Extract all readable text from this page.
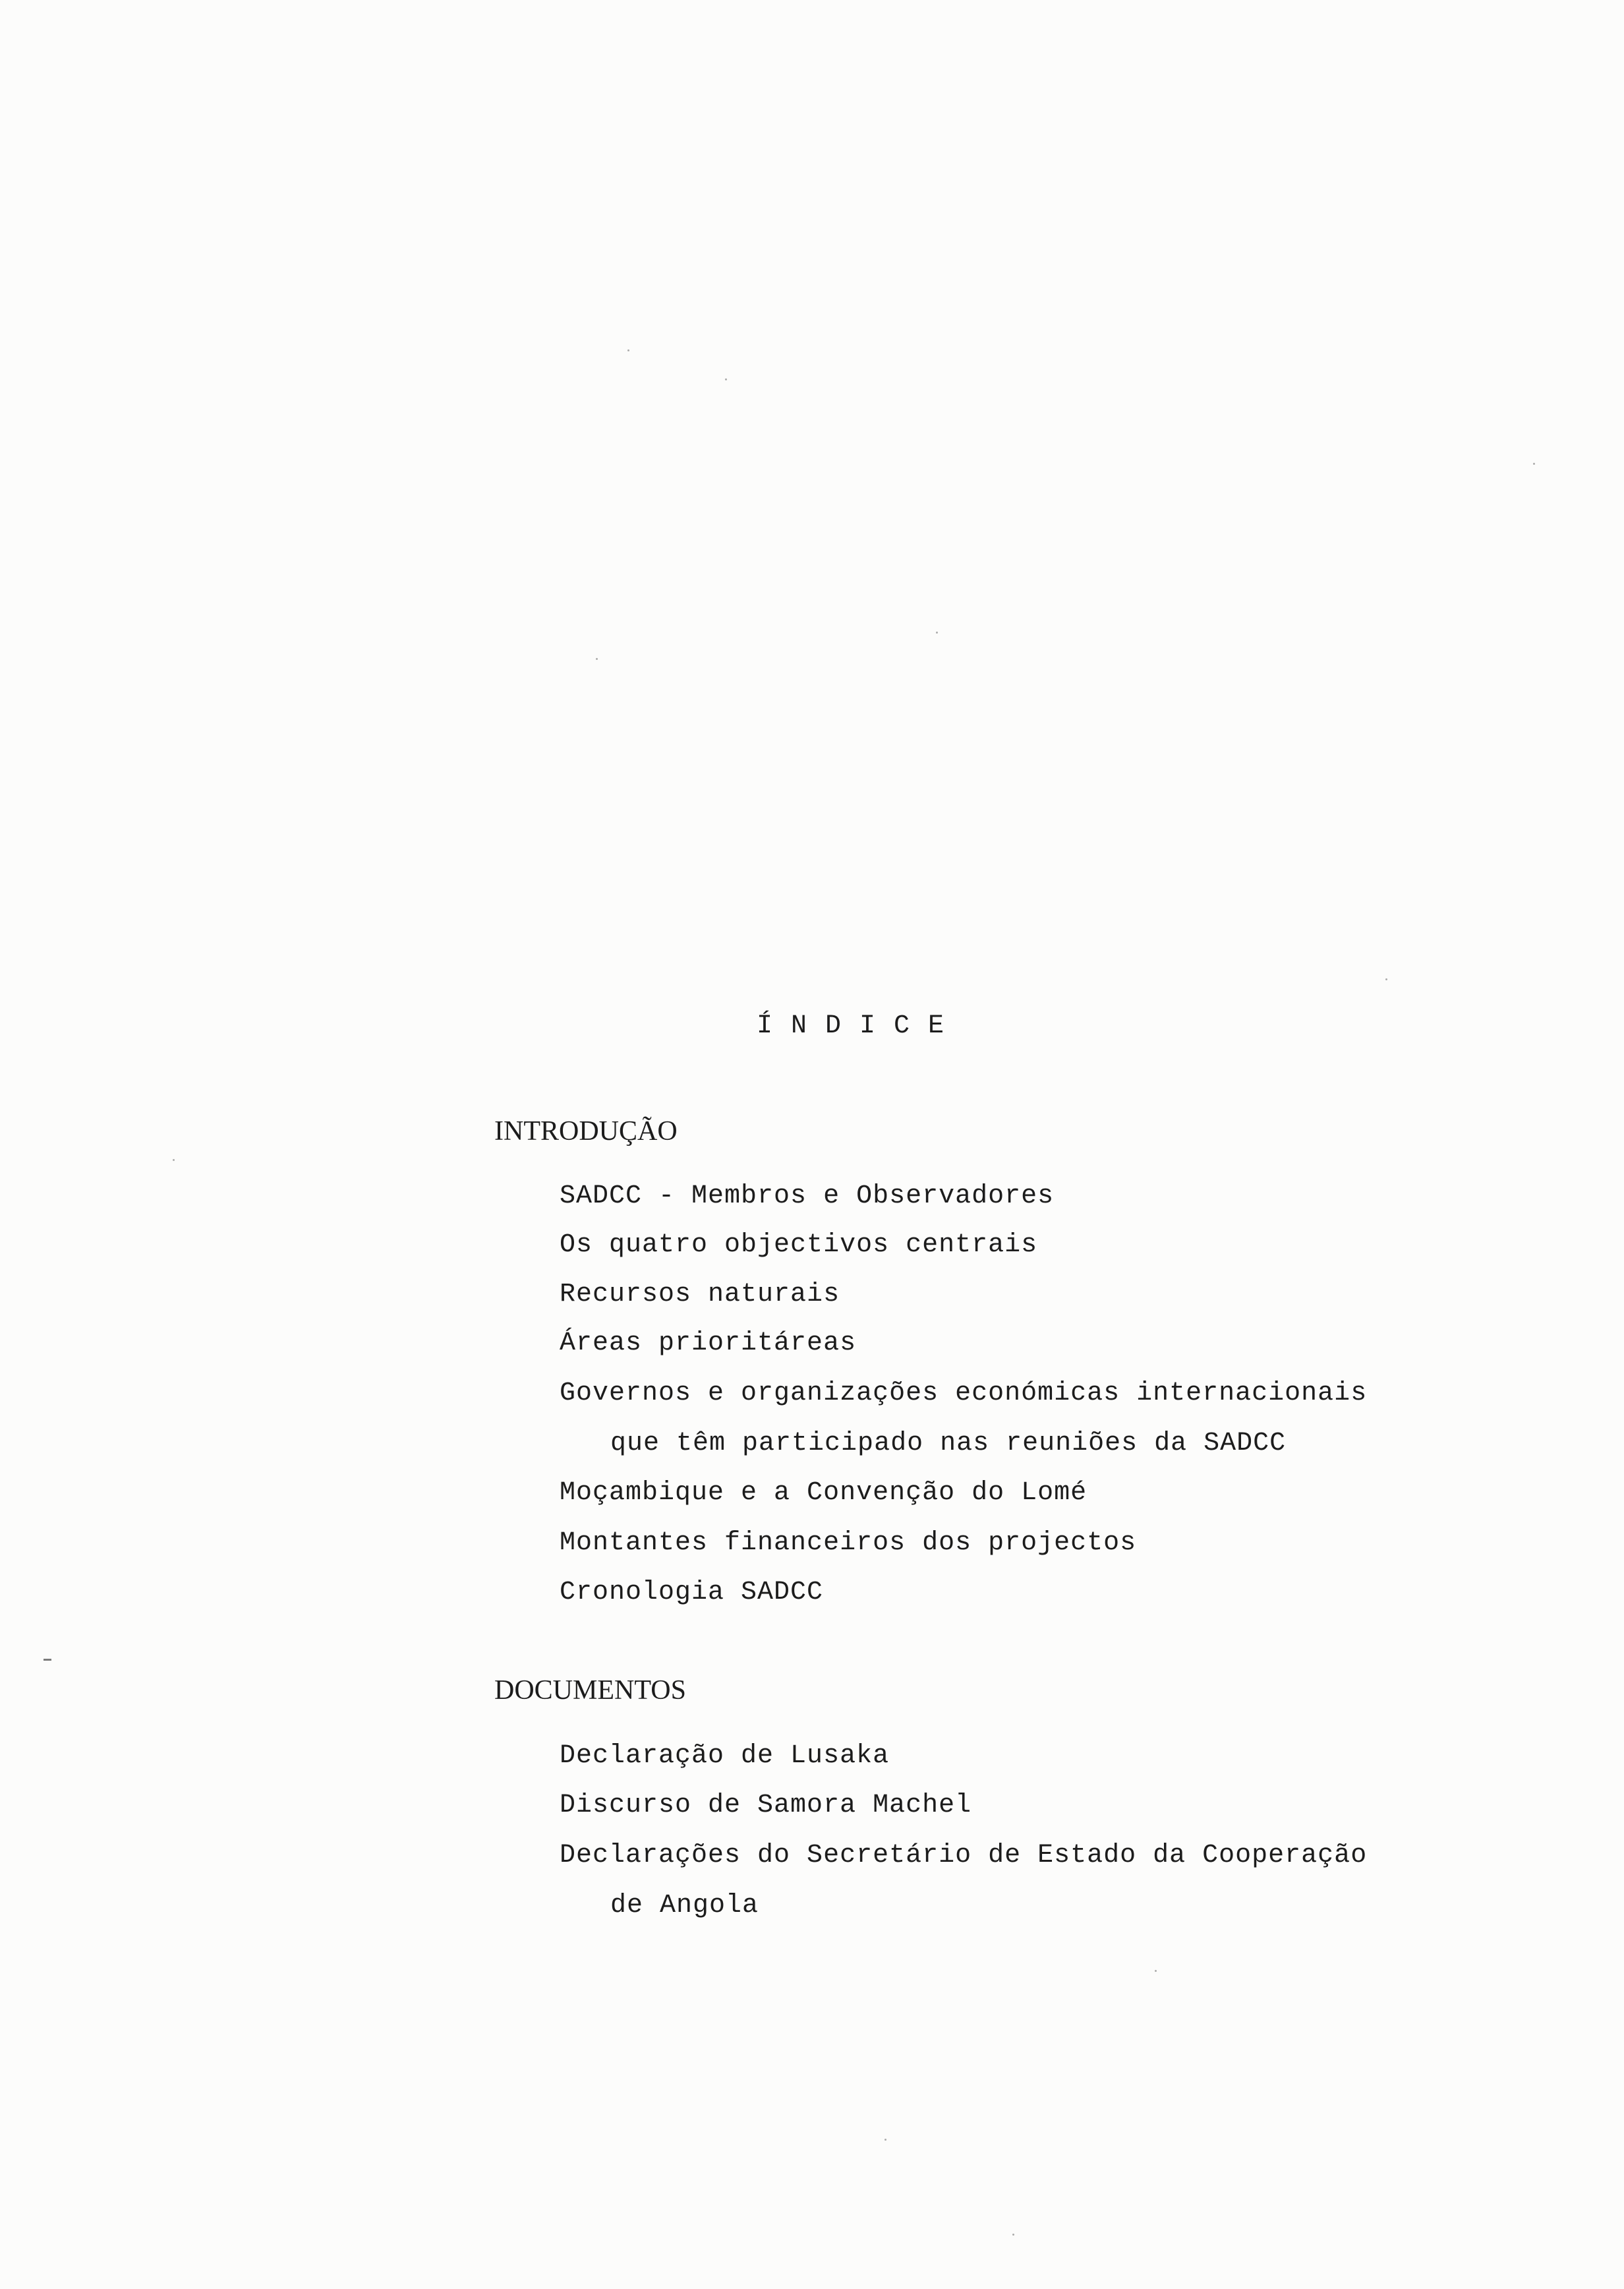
ÍNDICE
INTRODUÇÃO
SADCC - Membros e Observadores
Os quatro objectivos centrais
Recursos naturais
Áreas prioritáreas
Governos e organizações económicas internacionais
que têm participado nas reuniões da SADCC
Moçambique e a Convenção do Lomé
Montantes financeiros dos projectos
Cronologia SADCC
DOCUMENTOS
Declaração de Lusaka
Discurso de Samora Machel
Declarações do Secretário de Estado da Cooperação
de Angola
